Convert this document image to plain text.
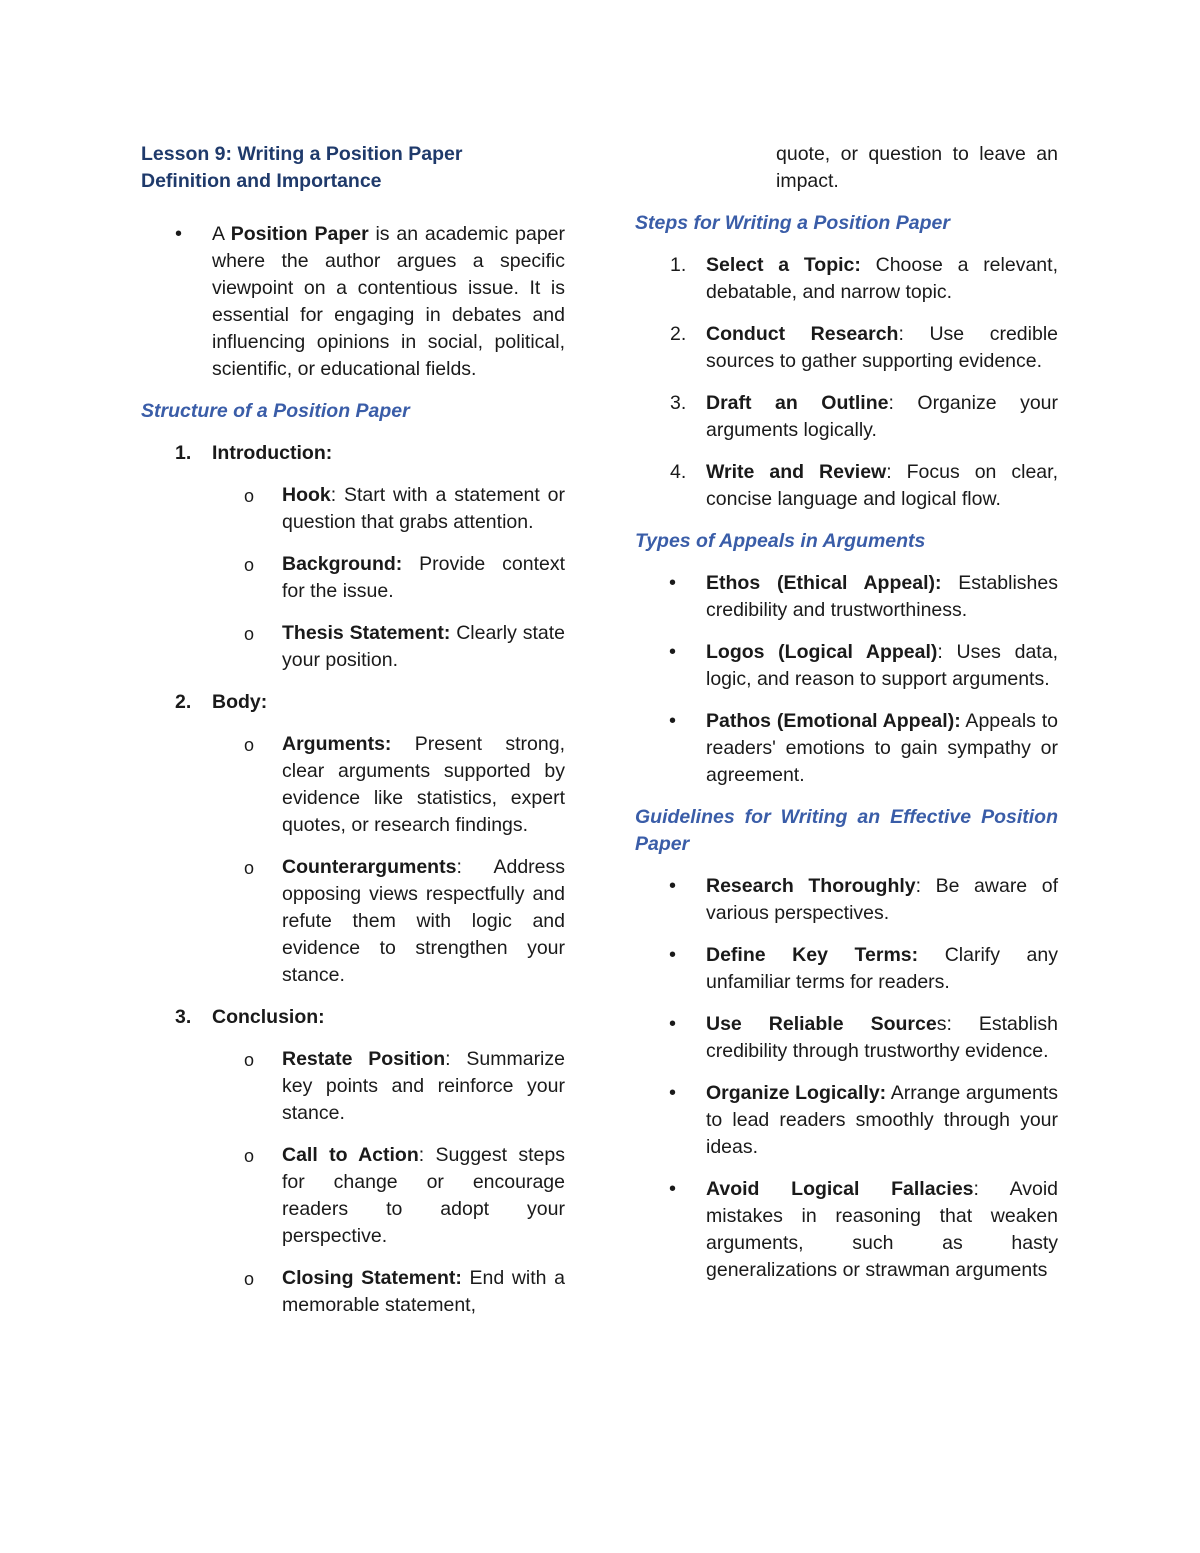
Lesson 9: Writing a Position Paper

Definition and Importance

• A Position Paper is an academic paper where the author argues a specific viewpoint on a contentious issue. It is essential for engaging in debates and influencing opinions in social, political, scientific, or educational fields.

Structure of a Position Paper

1. Introduction:

o Hook: Start with a statement or question that grabs attention.

o Background: Provide context for the issue.

o Thesis Statement: Clearly state your position.

2. Body:

o Arguments: Present strong, clear arguments supported by evidence like statistics, expert quotes, or research findings.

o Counterarguments: Address opposing views respectfully and refute them with logic and evidence to strengthen your stance.

3. Conclusion:

o Restate Position: Summarize key points and reinforce your stance.

o Call to Action: Suggest steps for change or encourage readers to adopt your perspective.

o Closing Statement: End with a memorable statement,

quote, or question to leave an impact.

Steps for Writing a Position Paper

1. Select a Topic: Choose a relevant, debatable, and narrow topic.

2. Conduct Research: Use credible sources to gather supporting evidence.

3. Draft an Outline: Organize your arguments logically.

4. Write and Review: Focus on clear, concise language and logical flow.

Types of Appeals in Arguments

• Ethos (Ethical Appeal): Establishes credibility and trustworthiness.

• Logos (Logical Appeal): Uses data, logic, and reason to support arguments.

• Pathos (Emotional Appeal): Appeals to readers' emotions to gain sympathy or agreement.

Guidelines for Writing an Effective Position Paper

• Research Thoroughly: Be aware of various perspectives.

• Define Key Terms: Clarify any unfamiliar terms for readers.

• Use Reliable Sources: Establish credibility through trustworthy evidence.

• Organize Logically: Arrange arguments to lead readers smoothly through your ideas.

• Avoid Logical Fallacies: Avoid mistakes in reasoning that weaken arguments, such as hasty generalizations or strawman arguments
